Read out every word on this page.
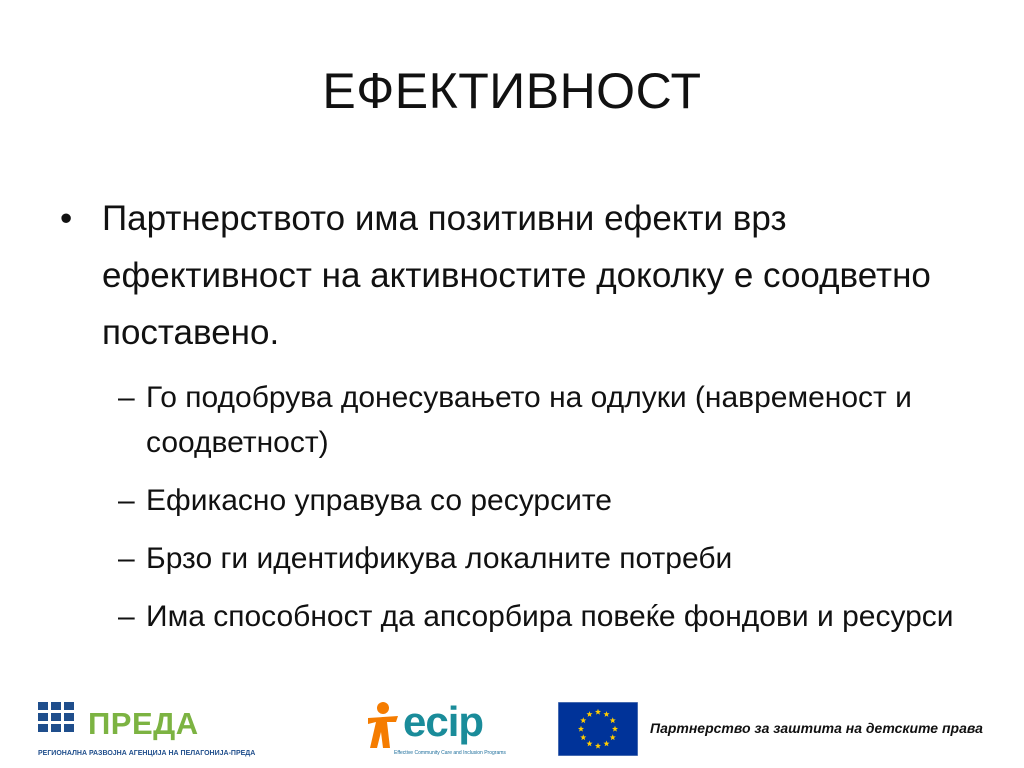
ЕФЕКТИВНОСТ
• Партнерството има позитивни ефекти врз ефективност на активностите доколку е соодветно поставено.
– Го подобрува донесувањето на одлуки (навременост и соодветност)
– Ефикасно управува со ресурсите
– Брзо ги идентификува локалните потреби
– Има способност да апсорбира повеќе фондови и ресурси
ПРЕДА
РЕГИОНАЛНА РАЗВОЈНА АГЕНЦИЈА НА ПЕЛАГОНИЈА-ПРЕДА
ecip
Effective Community Care and Inclusion Programs
Партнерство за заштита на детските права
